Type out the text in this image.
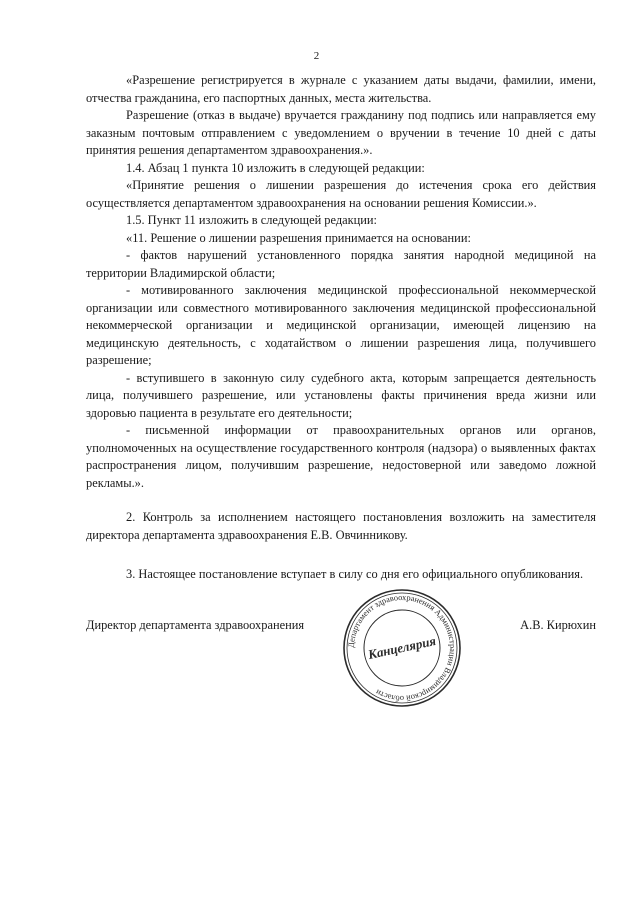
2

«Разрешение регистрируется в журнале с указанием даты выдачи, фамилии, имени, отчества гражданина, его паспортных данных, места жительства.

Разрешение (отказ в выдаче) вручается гражданину под подпись или направляется ему заказным почтовым отправлением с уведомлением о вручении в течение 10 дней с даты принятия решения департаментом здравоохранения.».

1.4. Абзац 1 пункта 10 изложить в следующей редакции:

«Принятие решения о лишении разрешения до истечения срока его действия осуществляется департаментом здравоохранения на основании решения Комиссии.».

1.5. Пункт 11 изложить в следующей редакции:

«11. Решение о лишении разрешения принимается на основании:

- фактов нарушений установленного порядка занятия народной медициной на территории Владимирской области;

- мотивированного заключения медицинской профессиональной некоммерческой организации или совместного мотивированного заключения медицинской профессиональной некоммерческой организации и медицинской организации, имеющей лицензию на медицинскую деятельность, с ходатайством о лишении разрешения лица, получившего разрешение;

- вступившего в законную силу судебного акта, которым запрещается деятельность лица, получившего разрешение, или установлены факты причинения вреда жизни или здоровью пациента в результате его деятельности;

- письменной информации от правоохранительных органов или органов, уполномоченных на осуществление государственного контроля (надзора) о выявленных фактах распространения лицом, получившим разрешение, недостоверной или заведомо ложной рекламы.».

2. Контроль за исполнением настоящего постановления возложить на заместителя директора департамента здравоохранения Е.В. Овчинникову.

3. Настоящее постановление вступает в силу со дня его официального опубликования.

Директор департамента здравоохранения	А.В. Кирюхин
Департамент здравоохранения Администрации Владимирской области
Канцелярия
